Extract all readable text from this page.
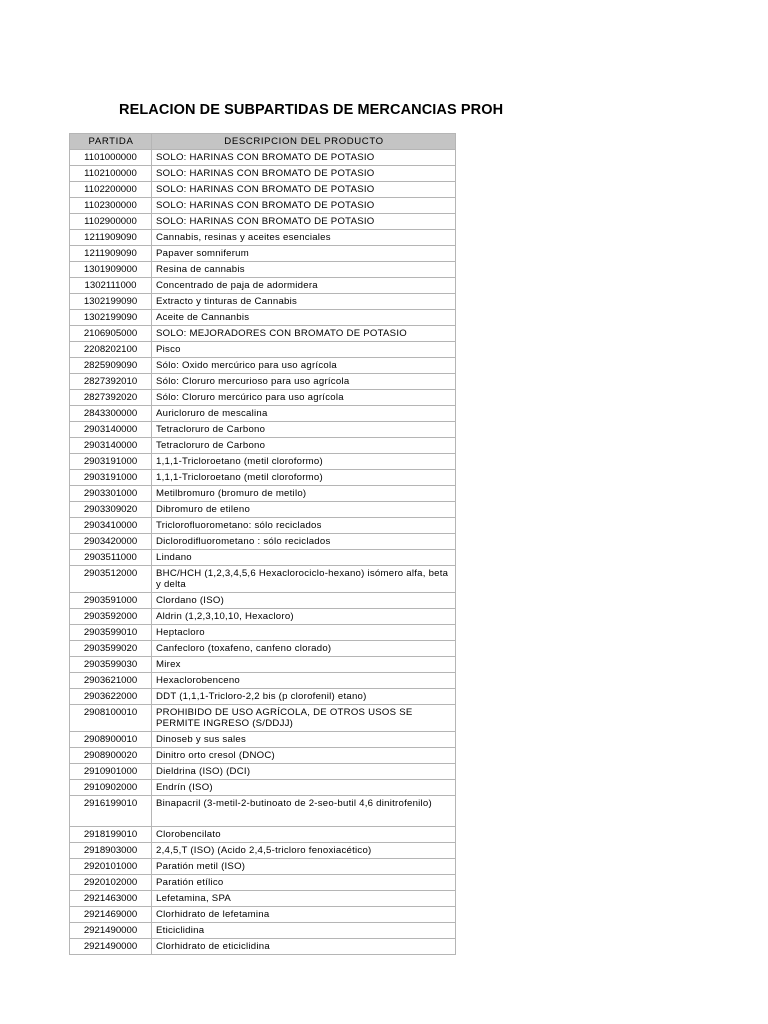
RELACION DE SUBPARTIDAS DE MERCANCIAS PROH
PARTIDA	DESCRIPCION DEL PRODUCTO
1101000000	SOLO: HARINAS CON BROMATO DE POTASIO
1102100000	SOLO: HARINAS CON BROMATO DE POTASIO
1102200000	SOLO: HARINAS CON BROMATO DE POTASIO
1102300000	SOLO: HARINAS CON BROMATO DE POTASIO
1102900000	SOLO: HARINAS CON BROMATO DE POTASIO
1211909090	Cannabis, resinas y aceites esenciales
1211909090	Papaver somniferum
1301909000	Resina de cannabis
1302111000	Concentrado de paja de adormidera
1302199090	Extracto y tinturas de Cannabis
1302199090	Aceite de Cannanbis
2106905000	SOLO: MEJORADORES CON BROMATO DE POTASIO
2208202100	Pisco
2825909090	Sólo: Oxido mercúrico para uso agrícola
2827392010	Sólo: Cloruro mercurioso para uso agrícola
2827392020	Sólo: Cloruro mercúrico para uso agrícola
2843300000	Auricloruro de mescalina
2903140000	Tetracloruro de Carbono
2903140000	Tetracloruro de Carbono
2903191000	1,1,1-Tricloroetano (metil cloroformo)
2903191000	1,1,1-Tricloroetano (metil cloroformo)
2903301000	Metilbromuro (bromuro de metilo)
2903309020	Dibromuro de etileno
2903410000	Triclorofluorometano: sólo reciclados
2903420000	Diclorodifluorometano : sólo reciclados
2903511000	Lindano
2903512000	BHC/HCH (1,2,3,4,5,6 Hexaclorociclo-hexano) isómero alfa, beta y delta
2903591000	Clordano (ISO)
2903592000	Aldrin (1,2,3,10,10, Hexacloro)
2903599010	Heptacloro
2903599020	Canfecloro (toxafeno, canfeno clorado)
2903599030	Mirex
2903621000	Hexaclorobenceno
2903622000	DDT (1,1,1-Tricloro-2,2 bis (p clorofenil) etano)
2908100010	PROHIBIDO DE USO AGRÍCOLA, DE OTROS USOS SE PERMITE INGRESO (S/DDJJ)
2908900010	Dinoseb y sus sales
2908900020	Dinitro orto cresol (DNOC)
2910901000	Dieldrina (ISO) (DCI)
2910902000	Endrín (ISO)
2916199010	Binapacril (3-metil-2-butinoato de 2-seo-butil 4,6 dinitrofenilo)
2918199010	Clorobencilato
2918903000	2,4,5,T (ISO) (Acido 2,4,5-tricloro fenoxiacético)
2920101000	Paratión metil (ISO)
2920102000	Paratión etílico
2921463000	Lefetamina, SPA
2921469000	Clorhidrato de lefetamina
2921490000	Eticiclidina
2921490000	Clorhidrato de eticiclidina
